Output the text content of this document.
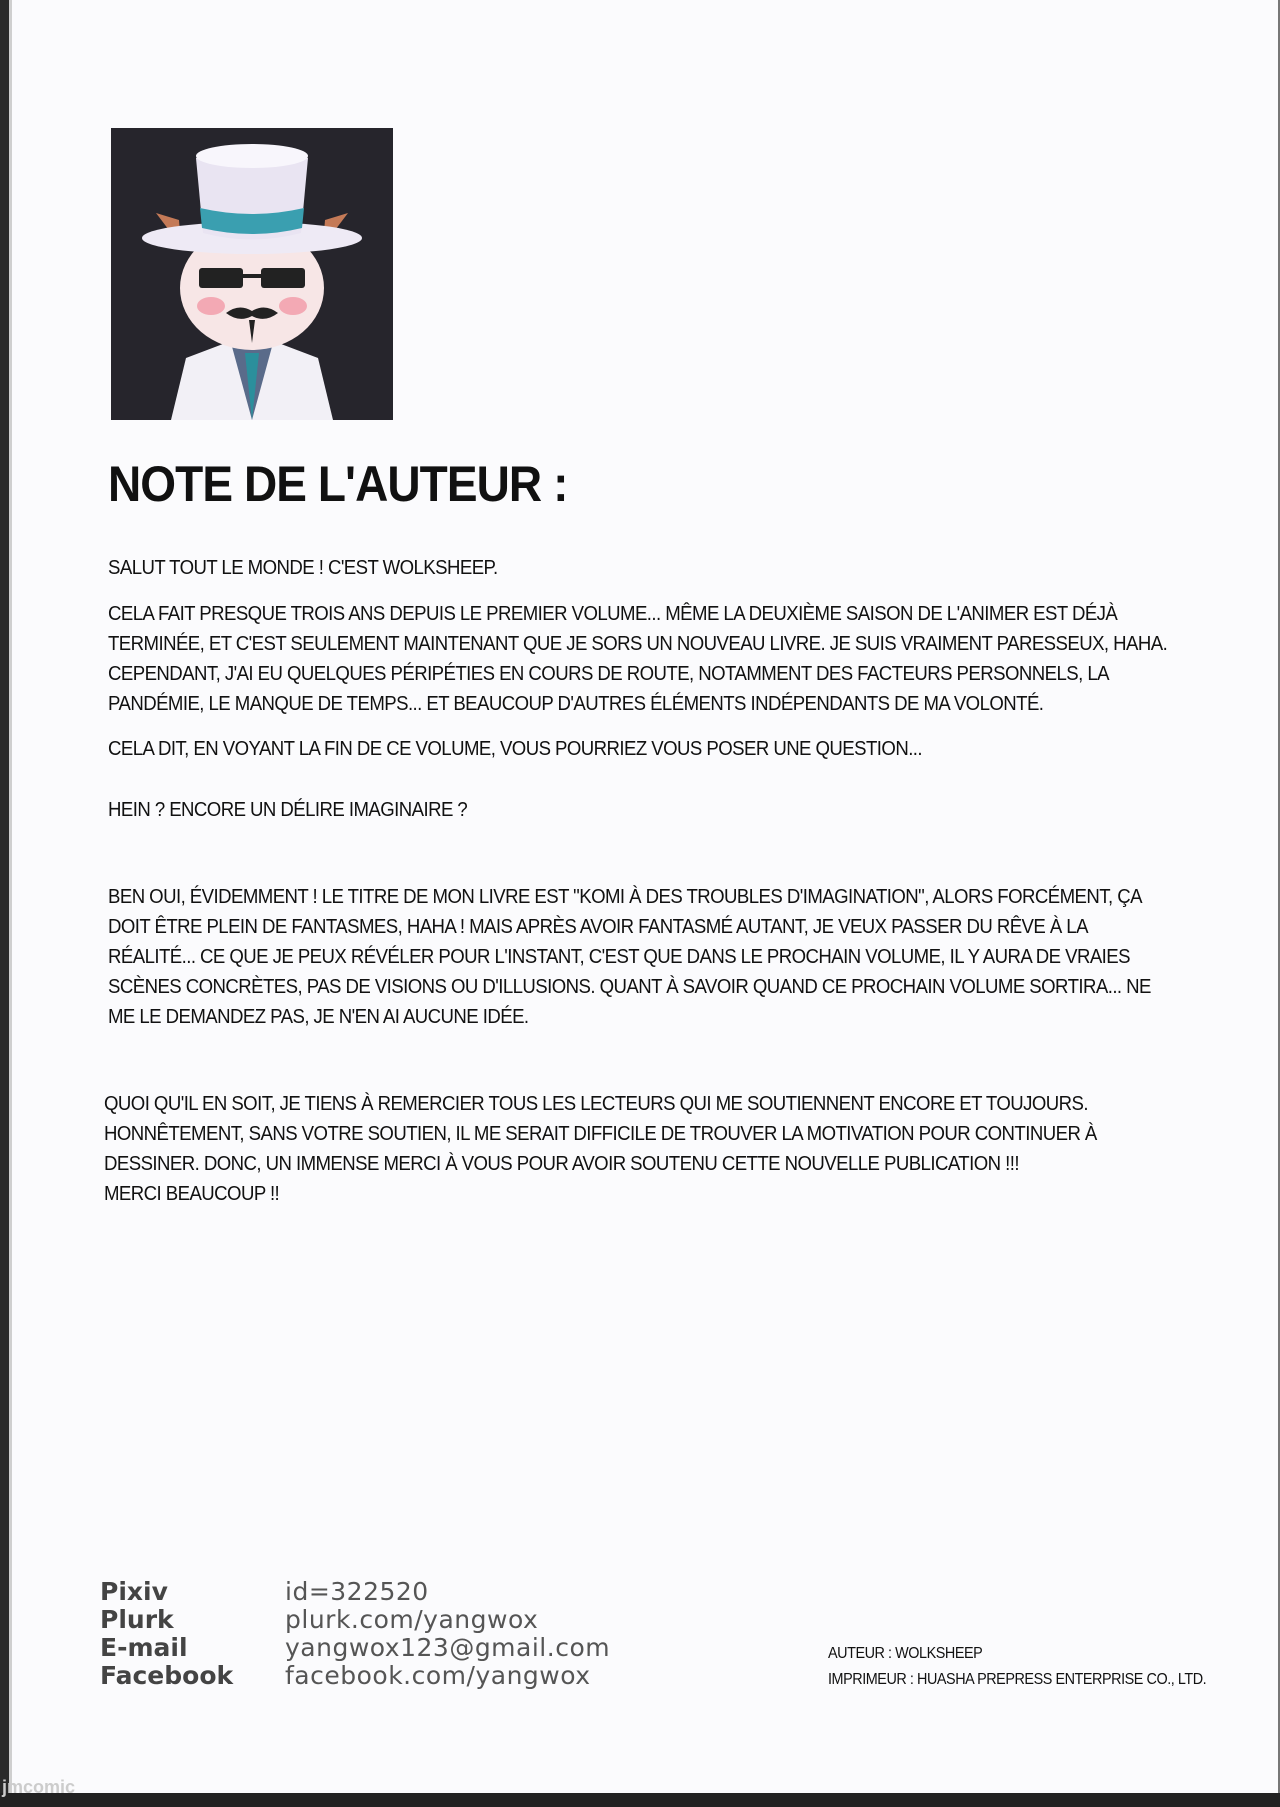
NOTE DE L'AUTEUR :
SALUT TOUT LE MONDE ! C'EST WOLKSHEEP.
CELA FAIT PRESQUE TROIS ANS DEPUIS LE PREMIER VOLUME... MÊME LA DEUXIÈME SAISON DE L'ANIMER EST DÉJÀ
TERMINÉE, ET C'EST SEULEMENT MAINTENANT QUE JE SORS UN NOUVEAU LIVRE. JE SUIS VRAIMENT PARESSEUX, HAHA.
CEPENDANT, J'AI EU QUELQUES PÉRIPÉTIES EN COURS DE ROUTE, NOTAMMENT DES FACTEURS PERSONNELS, LA
PANDÉMIE, LE MANQUE DE TEMPS... ET BEAUCOUP D'AUTRES ÉLÉMENTS INDÉPENDANTS DE MA VOLONTÉ.
CELA DIT, EN VOYANT LA FIN DE CE VOLUME, VOUS POURRIEZ VOUS POSER UNE QUESTION...
HEIN ? ENCORE UN DÉLIRE IMAGINAIRE ?
BEN OUI, ÉVIDEMMENT ! LE TITRE DE MON LIVRE EST "KOMI À DES TROUBLES D'IMAGINATION", ALORS FORCÉMENT, ÇA
DOIT ÊTRE PLEIN DE FANTASMES, HAHA ! MAIS APRÈS AVOIR FANTASMÉ AUTANT, JE VEUX PASSER DU RÊVE À LA
RÉALITÉ... CE QUE JE PEUX RÉVÉLER POUR L'INSTANT, C'EST QUE DANS LE PROCHAIN VOLUME, IL Y AURA DE VRAIES
SCÈNES CONCRÈTES, PAS DE VISIONS OU D'ILLUSIONS. QUANT À SAVOIR QUAND CE PROCHAIN VOLUME SORTIRA... NE
ME LE DEMANDEZ PAS, JE N'EN AI AUCUNE IDÉE.
QUOI QU'IL EN SOIT, JE TIENS À REMERCIER TOUS LES LECTEURS QUI ME SOUTIENNENT ENCORE ET TOUJOURS.
HONNÊTEMENT, SANS VOTRE SOUTIEN, IL ME SERAIT DIFFICILE DE TROUVER LA MOTIVATION POUR CONTINUER À
DESSINER. DONC, UN IMMENSE MERCI À VOUS POUR AVOIR SOUTENU CETTE NOUVELLE PUBLICATION !!!
MERCI BEAUCOUP !!
Pixiv
Plurk
E-mail
Facebook
id=322520
plurk.com/yangwox
yangwox123@gmail.com
facebook.com/yangwox
AUTEUR : WOLKSHEEP
IMPRIMEUR : HUASHA PREPRESS ENTERPRISE CO., LTD.
jmcomic
